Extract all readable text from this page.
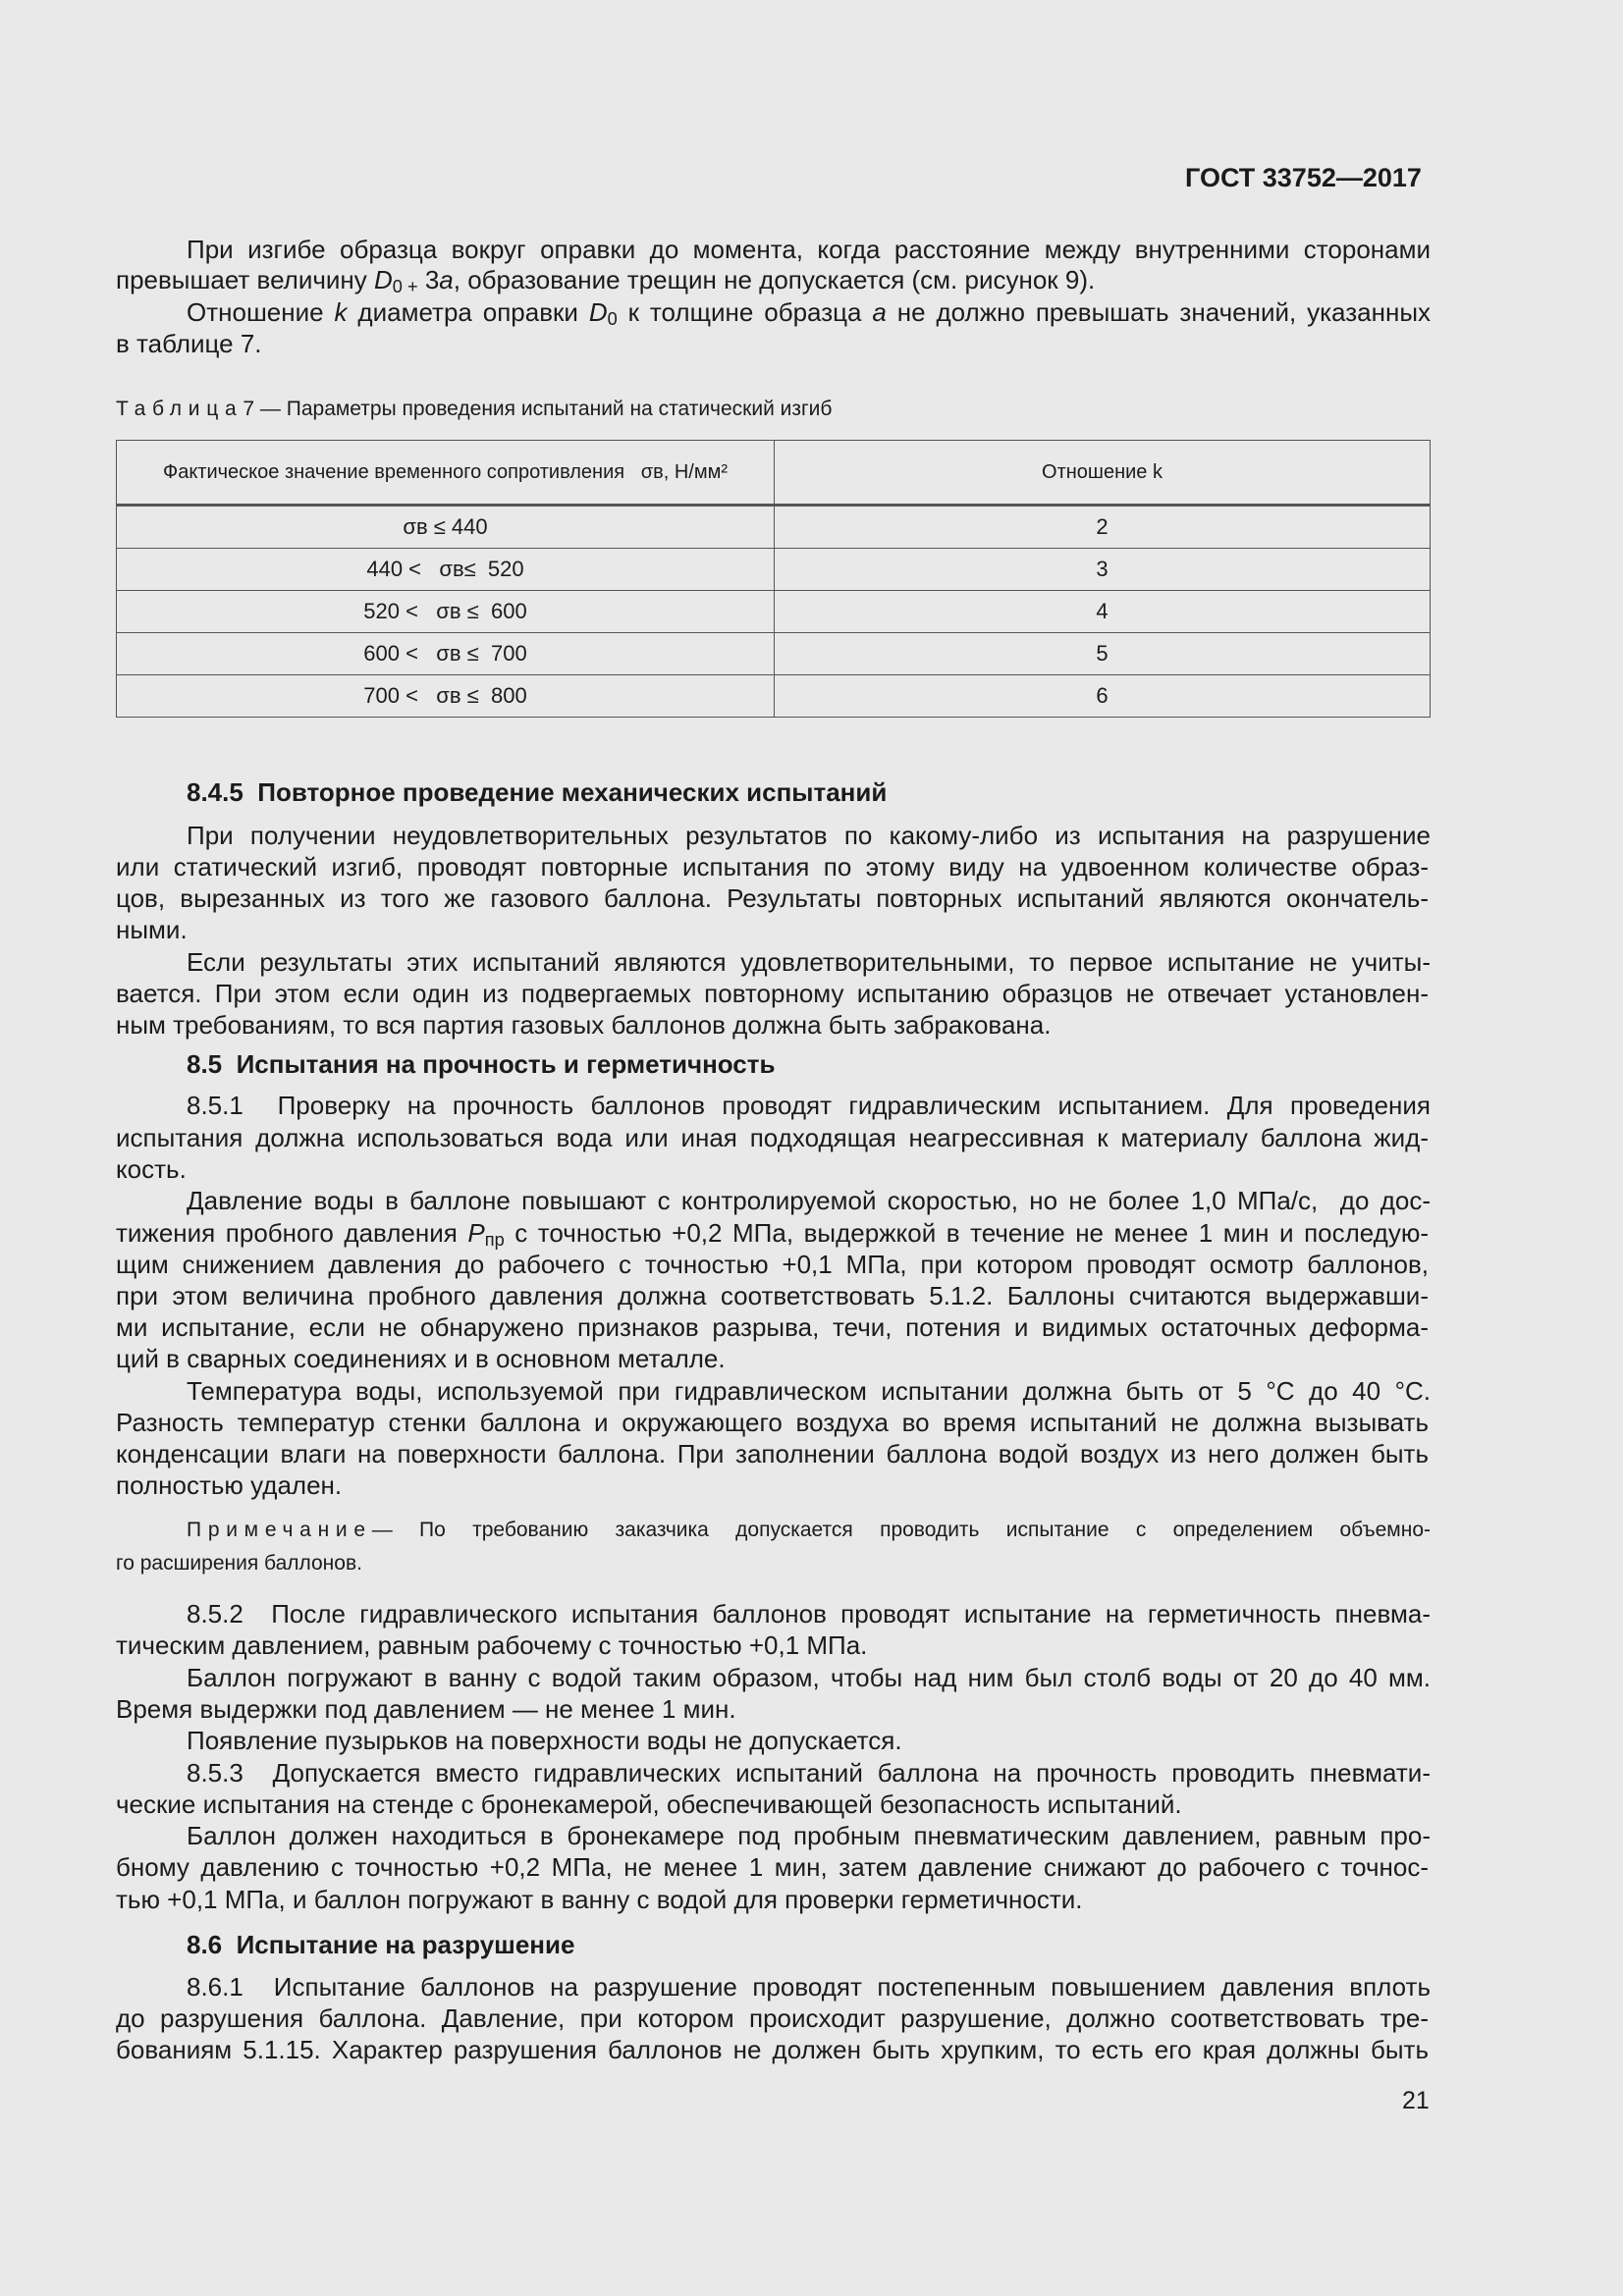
ГОСТ 33752—2017
При изгибе образца вокруг оправки до момента, когда расстояние между внутренними сторонами
превышает величину $D_{0 +}$ 3a, образование трещин не допускается (см. рисунок 9).
Отношение k диаметра оправки $D_0$ к толщине образца a не должно превышать значений, указанных
в таблице 7.
Таблица7 — Параметры проведения испытаний на статический изгиб
Фактическое значение временного сопротивления σв, Н/мм²	Отношение k
σв ≤ 440	2
440 <   σв≤  520	3
520 <   σв ≤  600	4
600 <   σв ≤  700	5
700 <   σв ≤  800	6
8.4.5  Повторное проведение механических испытаний
При получении неудовлетворительных результатов по какому-либо из испытания на разрушение
или статический изгиб, проводят повторные испытания по этому виду на удвоенном количестве образ-
цов, вырезанных из того же газового баллона. Результаты повторных испытаний являются окончатель-
ными.
Если результаты этих испытаний являются удовлетворительными, то первое испытание не учиты-
вается. При этом если один из подвергаемых повторному испытанию образцов не отвечает установлен-
ным требованиям, то вся партия газовых баллонов должна быть забракована.
8.5  Испытания на прочность и герметичность
8.5.1  Проверку на прочность баллонов проводят гидравлическим испытанием. Для проведения
испытания должна использоваться вода или иная подходящая неагрессивная к материалу баллона жид-
кость.
Давление воды в баллоне повышают с контролируемой скоростью, но не более 1,0 МПа/с,  до дос-
тижения пробного давления $P_{пр}$ с точностью +0,2 МПа, выдержкой в течение не менее 1 мин и последую-
щим снижением давления до рабочего с точностью +0,1 МПа, при котором проводят осмотр баллонов,
при этом величина пробного давления должна соответствовать 5.1.2. Баллоны считаются выдержавши-
ми испытание, если не обнаружено признаков разрыва, течи, потения и видимых остаточных деформа-
ций в сварных соединениях и в основном металле.
Температура воды, используемой при гидравлическом испытании должна быть от 5 °С до 40 °С.
Разность температур стенки баллона и окружающего воздуха во время испытаний не должна вызывать
конденсации влаги на поверхности баллона. При заполнении баллона водой воздух из него должен быть
полностью удален.
Примечание— По требованию заказчика допускается проводить испытание с определением объемно-
го расширения баллонов.
8.5.2  После гидравлического испытания баллонов проводят испытание на герметичность пневма-
тическим давлением, равным рабочему с точностью +0,1 МПа.
Баллон погружают в ванну с водой таким образом, чтобы над ним был столб воды от 20 до 40 мм.
Время выдержки под давлением — не менее 1 мин.
Появление пузырьков на поверхности воды не допускается.
8.5.3  Допускается вместо гидравлических испытаний баллона на прочность проводить пневмати-
ческие испытания на стенде с бронекамерой, обеспечивающей безопасность испытаний.
Баллон должен находиться в бронекамере под пробным пневматическим давлением, равным про-
бному давлению с точностью +0,2 МПа, не менее 1 мин, затем давление снижают до рабочего с точнос-
тью +0,1 МПа, и баллон погружают в ванну с водой для проверки герметичности.
8.6  Испытание на разрушение
8.6.1  Испытание баллонов на разрушение проводят постепенным повышением давления вплоть
до разрушения баллона. Давление, при котором происходит разрушение, должно соответствовать тре-
бованиям 5.1.15. Характер разрушения баллонов не должен быть хрупким, то есть его края должны быть
21
